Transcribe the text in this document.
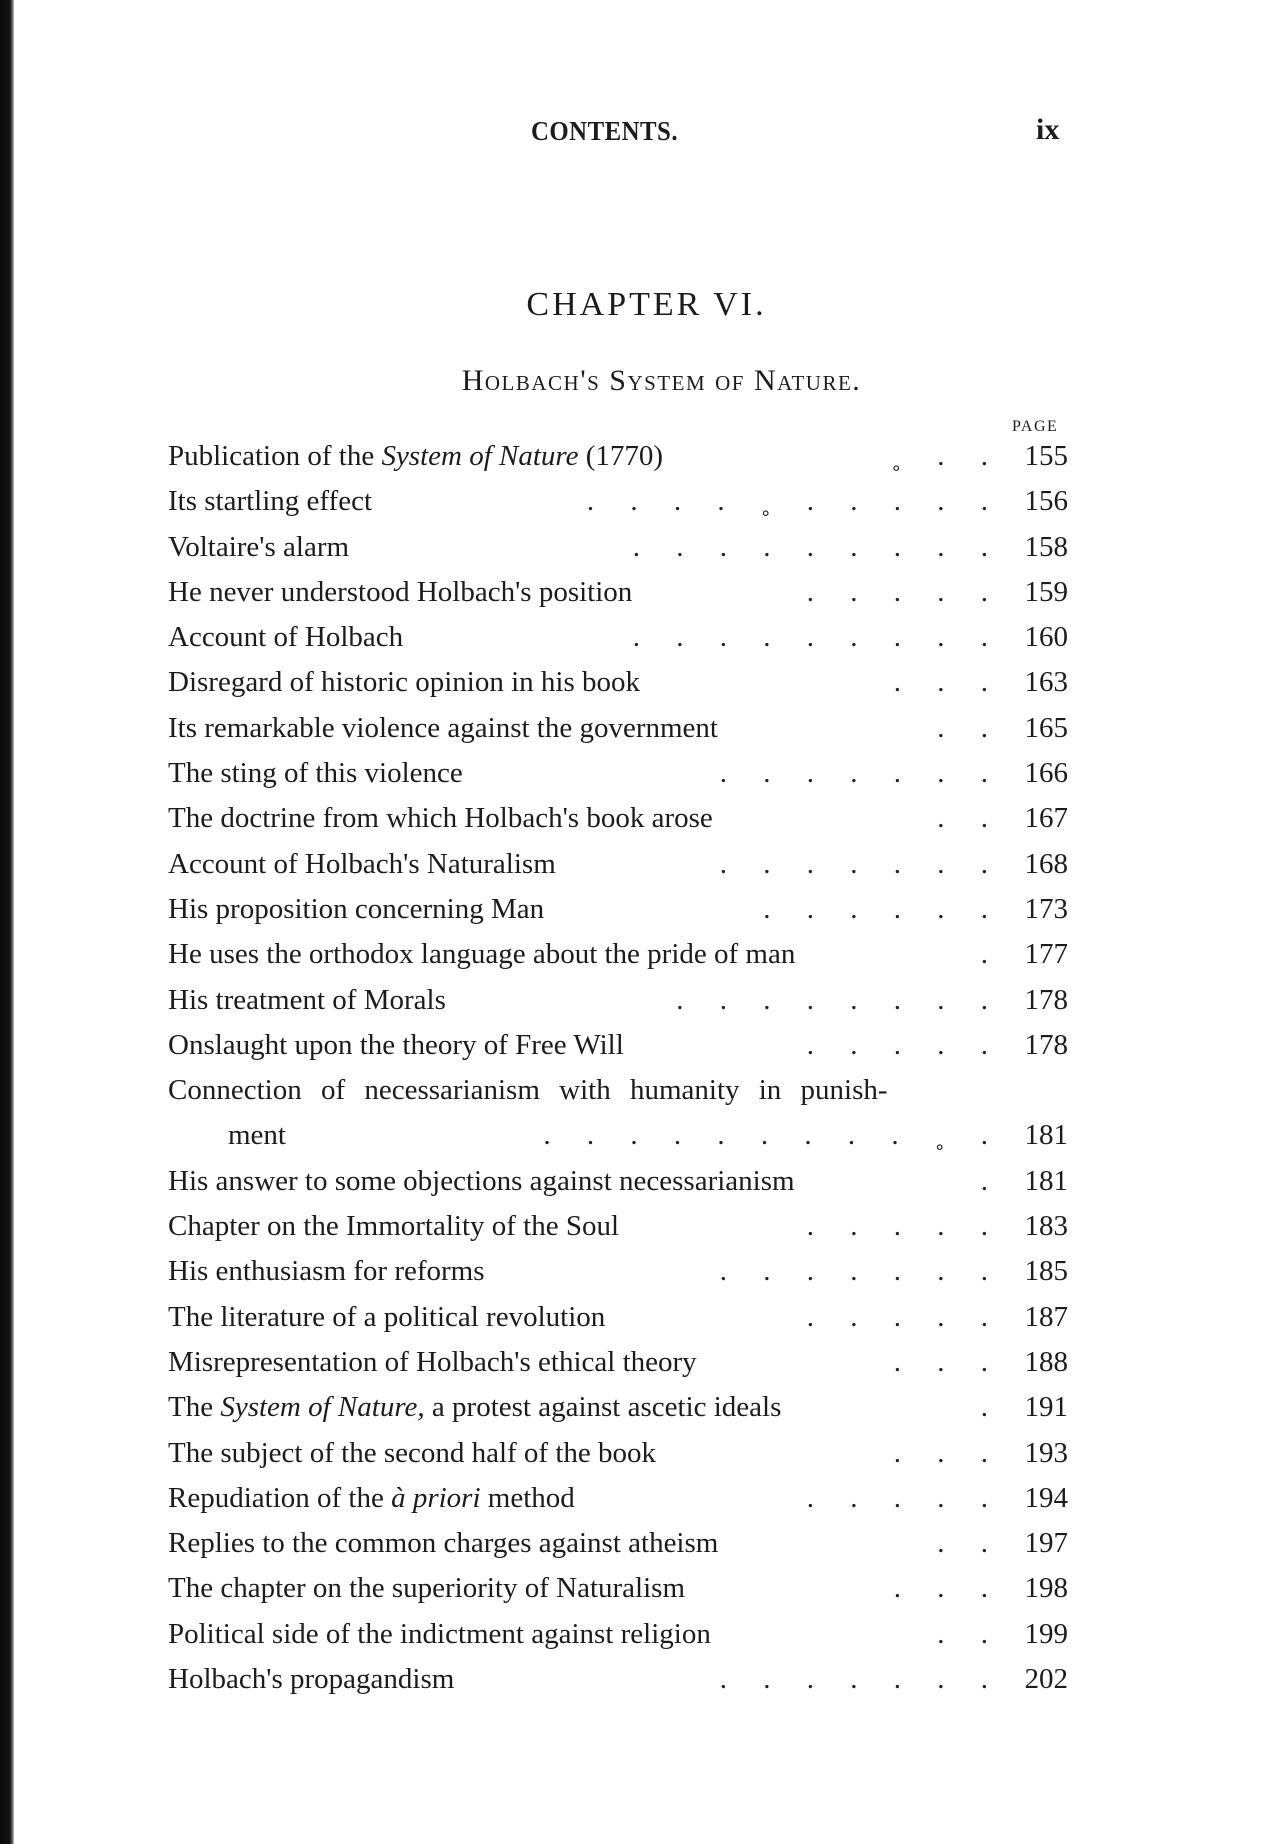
CONTENTS.	ix
CHAPTER VI.
Holbach's System of Nature.
PAGE
Publication of the System of Nature (1770)	˳     .     .	155
Its startling effect	.     .     .     .     ˳     .     .     .     .     .	156
Voltaire's alarm	.     .     .     .     .     .     .     .     .	158
He never understood Holbach's position	.     .     .     .     .	159
Account of Holbach	.     .     .     .     .     .     .     .     .	160
Disregard of historic opinion in his book	.     .     .	163
Its remarkable violence against the government	.     .	165
The sting of this violence	.     .     .     .     .     .     .	166
The doctrine from which Holbach's book arose	.     .	167
Account of Holbach's Naturalism	.     .     .     .     .     .     .	168
His proposition concerning Man	.     .     .     .     .     .	173
He uses the orthodox language about the pride of man	.	177
His treatment of Morals	.     .     .     .     .     .     .     .	178
Onslaught upon the theory of Free Will	.     .     .     .     .	178
Connection of necessarianism with humanity in punish-
ment	.     .     .     .     .     .     .     .     .     ˳     .	181
His answer to some objections against necessarianism	.	181
Chapter on the Immortality of the Soul	.     .     .     .     .	183
His enthusiasm for reforms	.     .     .     .     .     .     .	185
The literature of a political revolution	.     .     .     .     .	187
Misrepresentation of Holbach's ethical theory	.     .     .	188
The System of Nature, a protest against ascetic ideals	.	191
The subject of the second half of the book	.     .     .	193
Repudiation of the à priori method	.     .     .     .     .	194
Replies to the common charges against atheism	.     .	197
The chapter on the superiority of Naturalism	.     .     .	198
Political side of the indictment against religion	.     .	199
Holbach's propagandism	.     .     .     .     .     .     .	202
